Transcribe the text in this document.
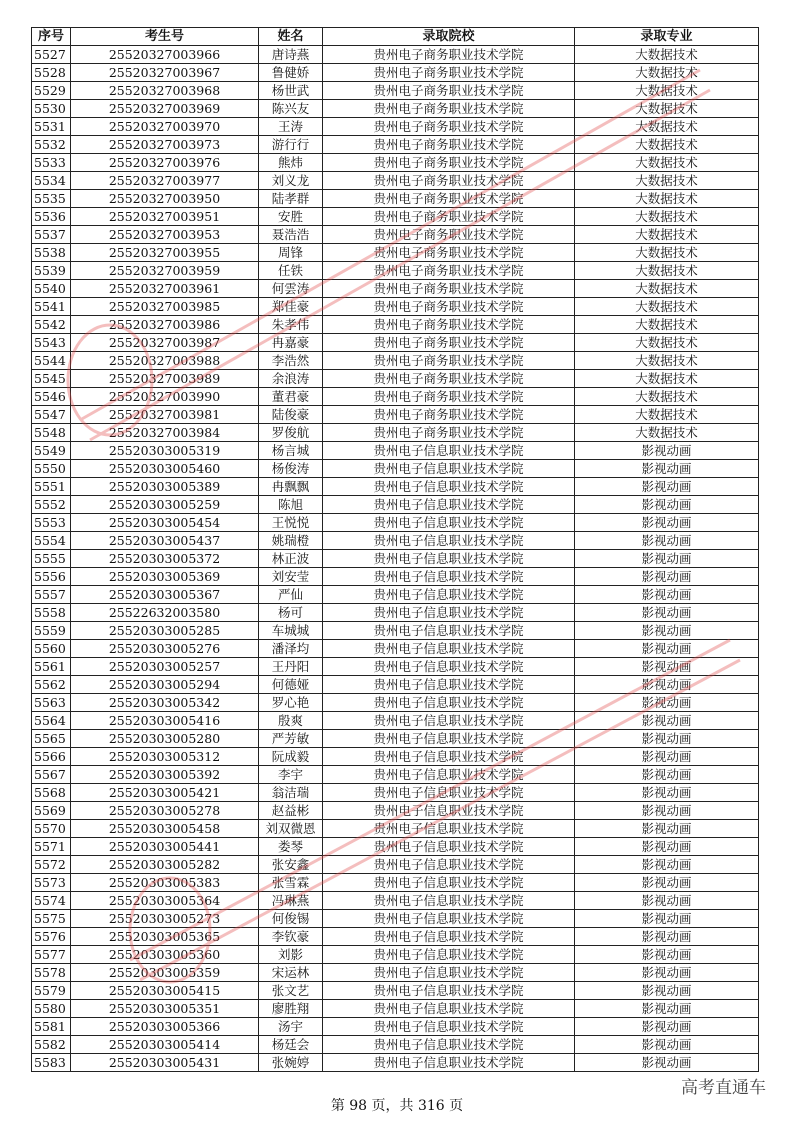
序号	考生号	姓名	录取院校	录取专业
5527	25520327003966	唐诗燕	贵州电子商务职业技术学院	大数据技术
5528	25520327003967	鲁健娇	贵州电子商务职业技术学院	大数据技术
5529	25520327003968	杨世武	贵州电子商务职业技术学院	大数据技术
5530	25520327003969	陈兴友	贵州电子商务职业技术学院	大数据技术
5531	25520327003970	王涛	贵州电子商务职业技术学院	大数据技术
5532	25520327003973	游行行	贵州电子商务职业技术学院	大数据技术
5533	25520327003976	熊炜	贵州电子商务职业技术学院	大数据技术
5534	25520327003977	刘义龙	贵州电子商务职业技术学院	大数据技术
5535	25520327003950	陆孝群	贵州电子商务职业技术学院	大数据技术
5536	25520327003951	安胜	贵州电子商务职业技术学院	大数据技术
5537	25520327003953	聂浩浩	贵州电子商务职业技术学院	大数据技术
5538	25520327003955	周锋	贵州电子商务职业技术学院	大数据技术
5539	25520327003959	任铁	贵州电子商务职业技术学院	大数据技术
5540	25520327003961	何雲涛	贵州电子商务职业技术学院	大数据技术
5541	25520327003985	郑佳豪	贵州电子商务职业技术学院	大数据技术
5542	25520327003986	朱孝伟	贵州电子商务职业技术学院	大数据技术
5543	25520327003987	冉嘉豪	贵州电子商务职业技术学院	大数据技术
5544	25520327003988	李浩然	贵州电子商务职业技术学院	大数据技术
5545	25520327003989	余浪涛	贵州电子商务职业技术学院	大数据技术
5546	25520327003990	董君豪	贵州电子商务职业技术学院	大数据技术
5547	25520327003981	陆俊豪	贵州电子商务职业技术学院	大数据技术
5548	25520327003984	罗俊航	贵州电子商务职业技术学院	大数据技术
5549	25520303005319	杨言城	贵州电子信息职业技术学院	影视动画
5550	25520303005460	杨俊涛	贵州电子信息职业技术学院	影视动画
5551	25520303005389	冉飘飘	贵州电子信息职业技术学院	影视动画
5552	25520303005259	陈旭	贵州电子信息职业技术学院	影视动画
5553	25520303005454	王悦悦	贵州电子信息职业技术学院	影视动画
5554	25520303005437	姚瑞橙	贵州电子信息职业技术学院	影视动画
5555	25520303005372	林正波	贵州电子信息职业技术学院	影视动画
5556	25520303005369	刘安莹	贵州电子信息职业技术学院	影视动画
5557	25520303005367	严仙	贵州电子信息职业技术学院	影视动画
5558	25522632003580	杨可	贵州电子信息职业技术学院	影视动画
5559	25520303005285	车城城	贵州电子信息职业技术学院	影视动画
5560	25520303005276	潘泽均	贵州电子信息职业技术学院	影视动画
5561	25520303005257	王丹阳	贵州电子信息职业技术学院	影视动画
5562	25520303005294	何德娅	贵州电子信息职业技术学院	影视动画
5563	25520303005342	罗心艳	贵州电子信息职业技术学院	影视动画
5564	25520303005416	殷爽	贵州电子信息职业技术学院	影视动画
5565	25520303005280	严芳敏	贵州电子信息职业技术学院	影视动画
5566	25520303005312	阮成毅	贵州电子信息职业技术学院	影视动画
5567	25520303005392	李宇	贵州电子信息职业技术学院	影视动画
5568	25520303005421	翁洁瑞	贵州电子信息职业技术学院	影视动画
5569	25520303005278	赵益彬	贵州电子信息职业技术学院	影视动画
5570	25520303005458	刘双微恩	贵州电子信息职业技术学院	影视动画
5571	25520303005441	娄琴	贵州电子信息职业技术学院	影视动画
5572	25520303005282	张安鑫	贵州电子信息职业技术学院	影视动画
5573	25520303005383	张雪霖	贵州电子信息职业技术学院	影视动画
5574	25520303005364	冯琳燕	贵州电子信息职业技术学院	影视动画
5575	25520303005273	何俊锡	贵州电子信息职业技术学院	影视动画
5576	25520303005365	李钦豪	贵州电子信息职业技术学院	影视动画
5577	25520303005360	刘影	贵州电子信息职业技术学院	影视动画
5578	25520303005359	宋运林	贵州电子信息职业技术学院	影视动画
5579	25520303005415	张文艺	贵州电子信息职业技术学院	影视动画
5580	25520303005351	廖胜翔	贵州电子信息职业技术学院	影视动画
5581	25520303005366	汤宇	贵州电子信息职业技术学院	影视动画
5582	25520303005414	杨廷会	贵州电子信息职业技术学院	影视动画
5583	25520303005431	张婉婷	贵州电子信息职业技术学院	影视动画
第 98 页，共 316 页
高考直通车
